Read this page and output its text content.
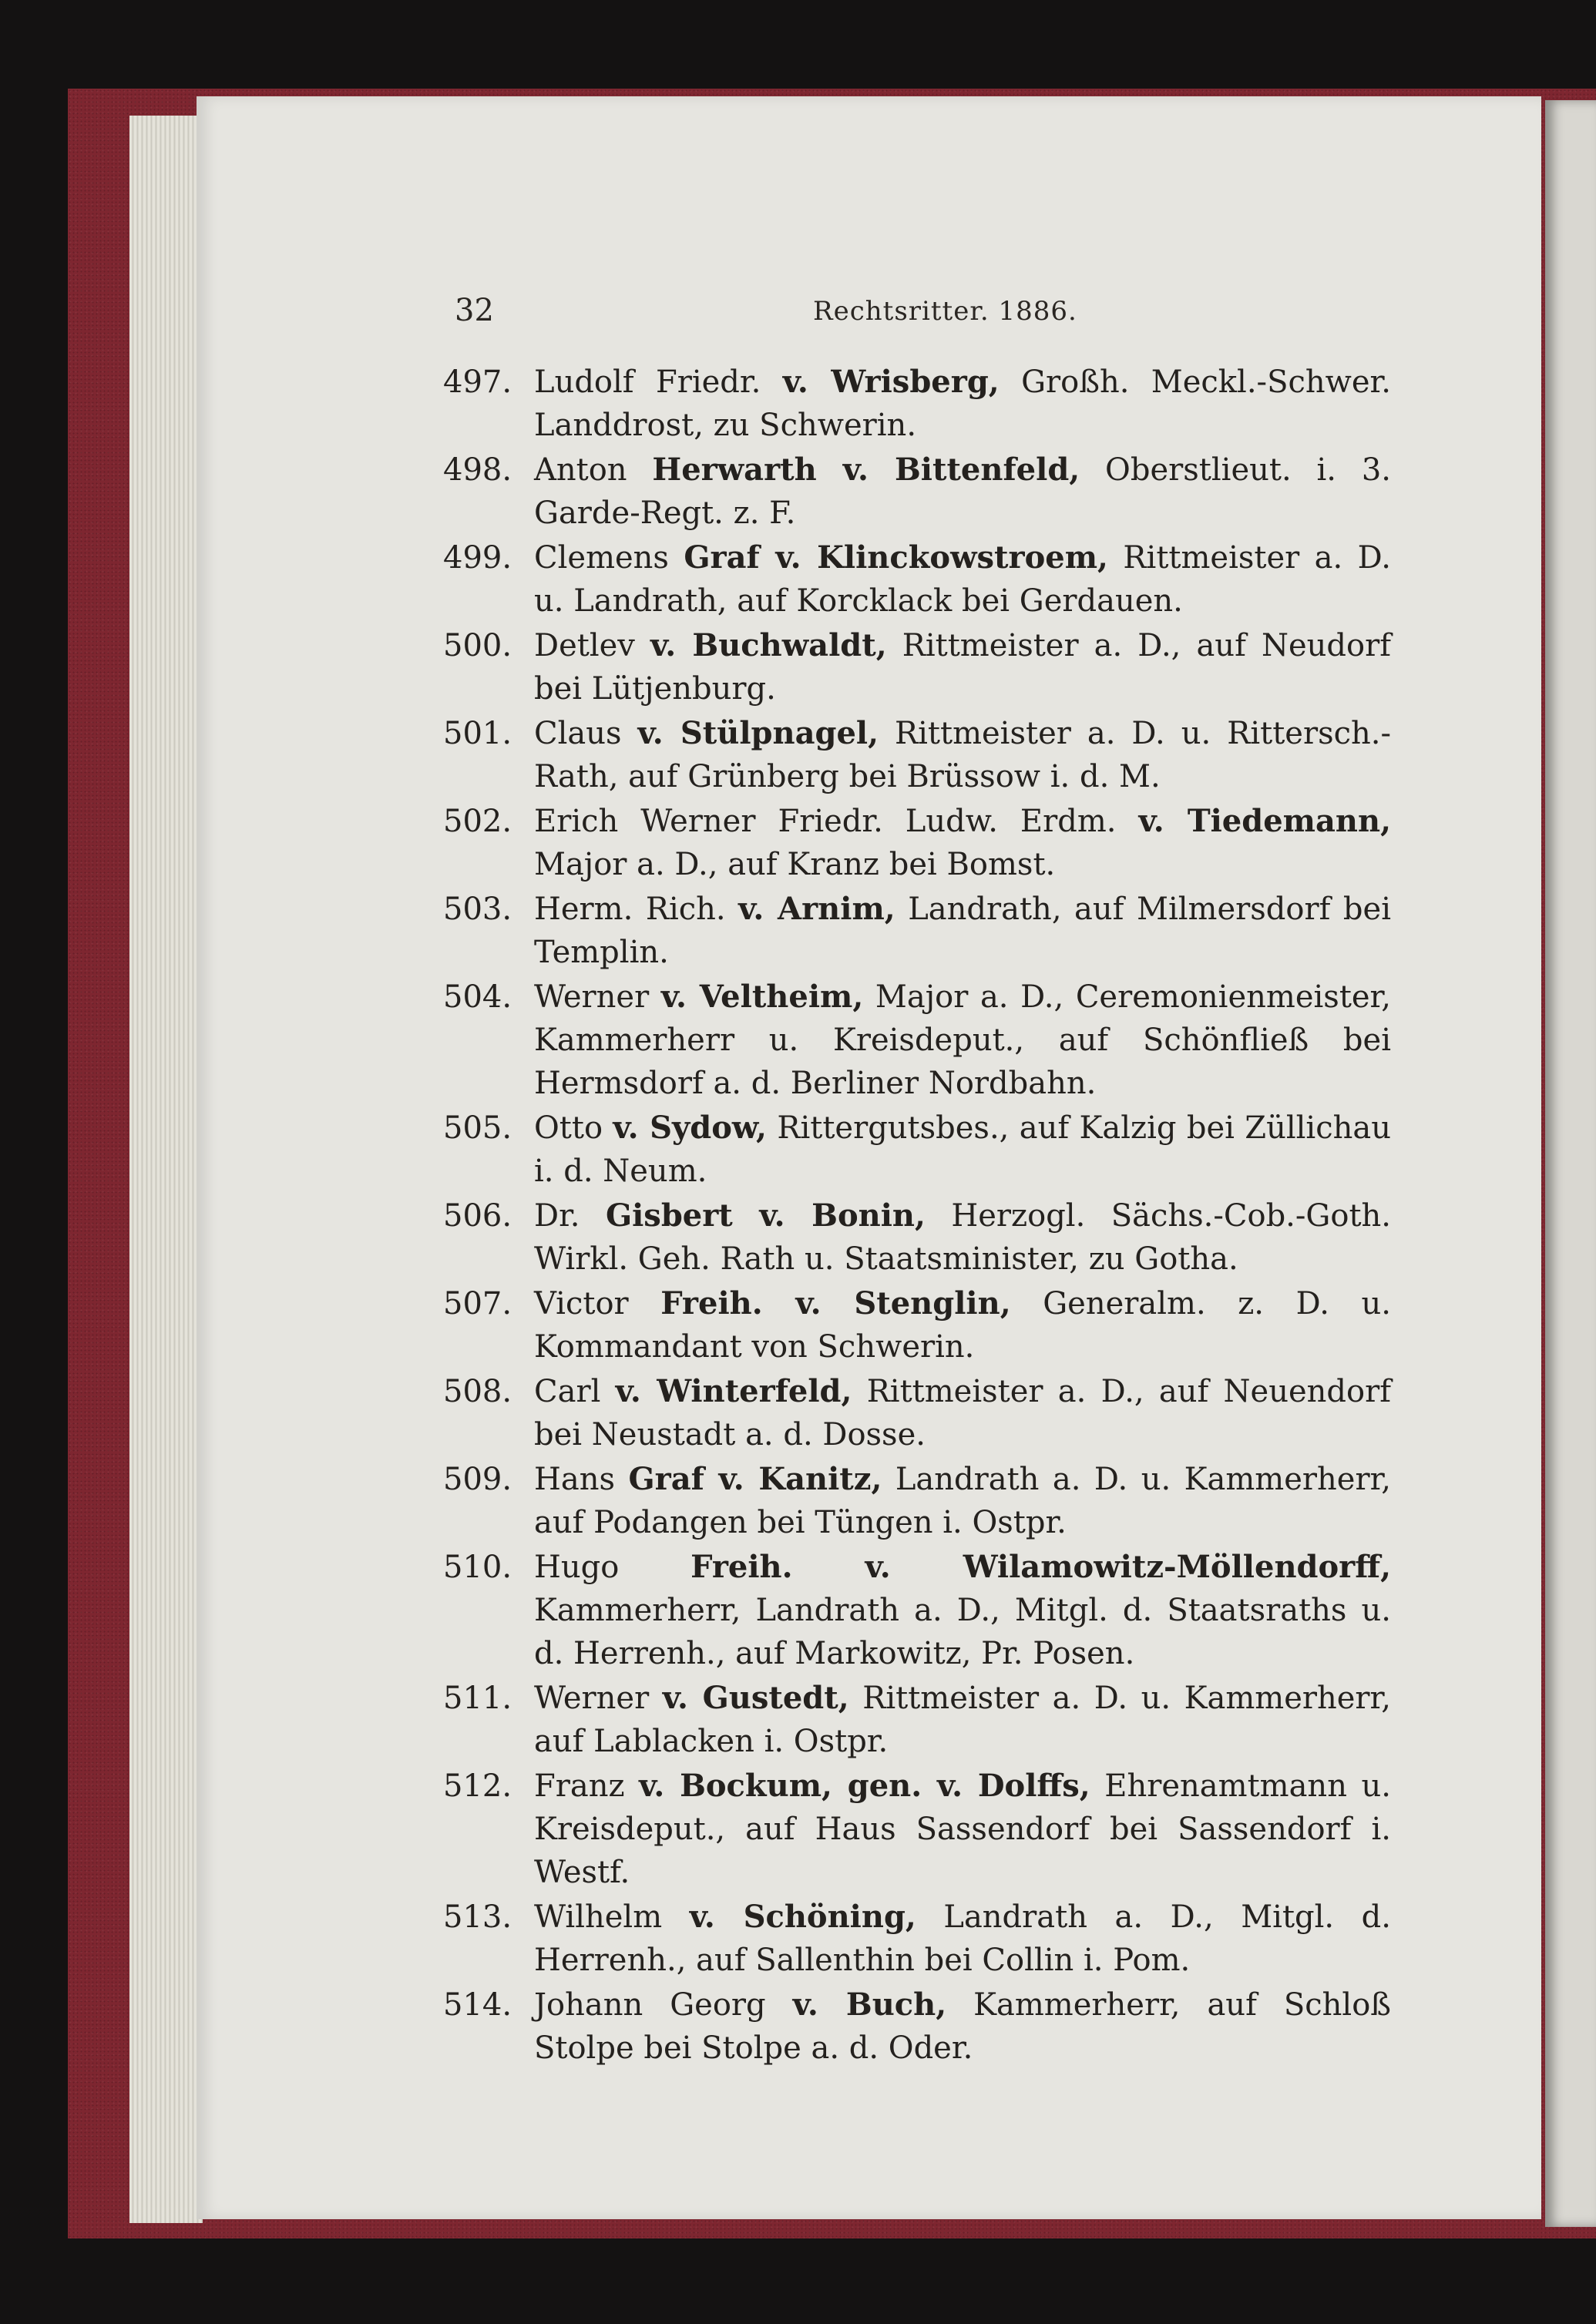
32	Rechtsritter. 1886.
497. Ludolf Friedr. v. Wrisberg, Großh. Meckl.-Schwer. Landdrost, zu Schwerin.
498. Anton Herwarth v. Bittenfeld, Oberstlieut. i. 3. Garde-Regt. z. F.
499. Clemens Graf v. Klinckowstroem, Rittmeister a. D. u. Landrath, auf Korcklack bei Gerdauen.
500. Detlev v. Buchwaldt, Rittmeister a. D., auf Neudorf bei Lütjenburg.
501. Claus v. Stülpnagel, Rittmeister a. D. u. Rittersch.-Rath, auf Grünberg bei Brüssow i. d. M.
502. Erich Werner Friedr. Ludw. Erdm. v. Tiedemann, Major a. D., auf Kranz bei Bomst.
503. Herm. Rich. v. Arnim, Landrath, auf Milmersdorf bei Templin.
504. Werner v. Veltheim, Major a. D., Ceremonienmeister, Kammerherr u. Kreisdeput., auf Schönfließ bei Hermsdorf a. d. Berliner Nordbahn.
505. Otto v. Sydow, Rittergutsbes., auf Kalzig bei Züllichau i. d. Neum.
506. Dr. Gisbert v. Bonin, Herzogl. Sächs.-Cob.-Goth. Wirkl. Geh. Rath u. Staatsminister, zu Gotha.
507. Victor Freih. v. Stenglin, Generalm. z. D. u. Kommandant von Schwerin.
508. Carl v. Winterfeld, Rittmeister a. D., auf Neuendorf bei Neustadt a. d. Dosse.
509. Hans Graf v. Kanitz, Landrath a. D. u. Kammerherr, auf Podangen bei Tüngen i. Ostpr.
510. Hugo Freih. v. Wilamowitz-Möllendorff, Kammerherr, Landrath a. D., Mitgl. d. Staatsraths u. d. Herrenh., auf Markowitz, Pr. Posen.
511. Werner v. Gustedt, Rittmeister a. D. u. Kammerherr, auf Lablacken i. Ostpr.
512. Franz v. Bockum, gen. v. Dolffs, Ehrenamtmann u. Kreisdeput., auf Haus Sassendorf bei Sassendorf i. Westf.
513. Wilhelm v. Schöning, Landrath a. D., Mitgl. d. Herrenh., auf Sallenthin bei Collin i. Pom.
514. Johann Georg v. Buch, Kammerherr, auf Schloß Stolpe bei Stolpe a. d. Oder.
